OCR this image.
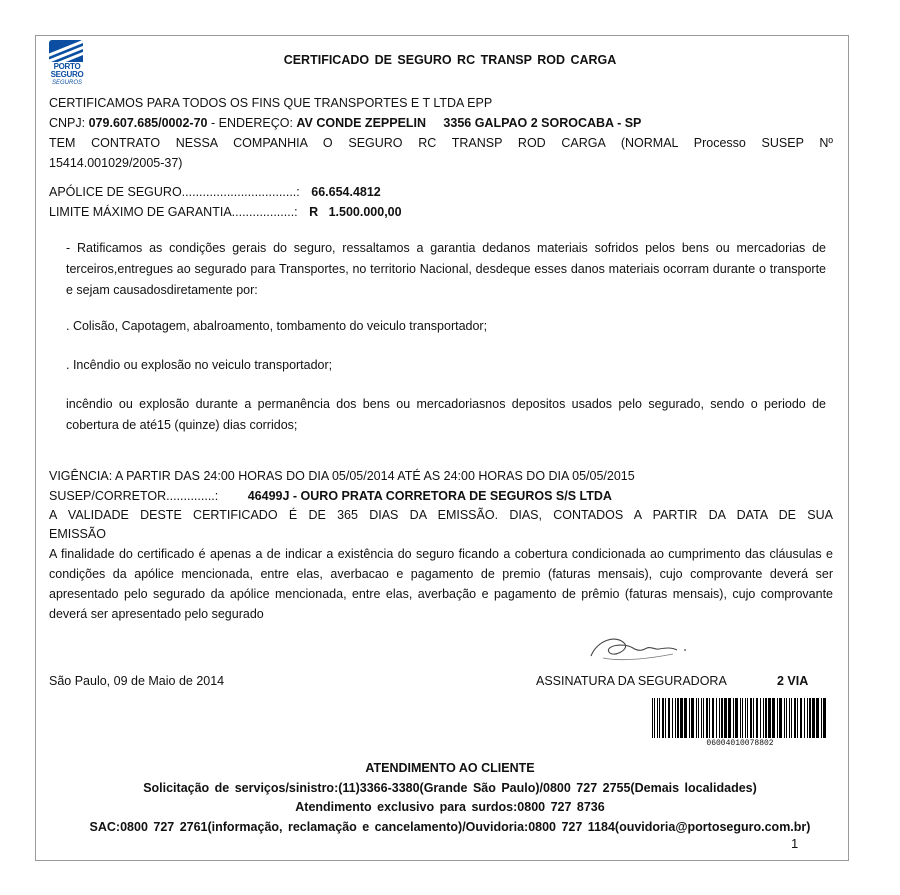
PORTO
SEGURO
SEGUROS
CERTIFICADO DE SEGURO RC TRANSP ROD CARGA
CERTIFICAMOS PARA TODOS OS FINS QUE TRANSPORTES E T LTDA EPP
CNPJ: 079.607.685/0002-70 - ENDEREÇO: AV CONDE ZEPPELIN     3356 GALPAO 2 SOROCABA - SP
TEM CONTRATO NESSA COMPANHIA O SEGURO RC TRANSP ROD CARGA (NORMAL Processo SUSEP Nº
15414.001029/2005-37)
APÓLICE DE SEGURO.................................: 66.654.4812
LIMITE MÁXIMO DE GARANTIA..................: R   1.500.000,00
- Ratificamos as condições gerais do seguro, ressaltamos a garantia dedanos materiais sofridos pelos bens ou mercadorias de terceiros,entregues ao segurado para Transportes, no territorio Nacional, desdeque esses danos materiais ocorram durante o transporte e sejam causadosdiretamente por:
. Colisão, Capotagem, abalroamento, tombamento do veiculo transportador;
. Incêndio ou explosão no veiculo transportador;
incêndio ou explosão durante a permanência dos bens ou mercadoriasnos depositos usados pelo segurado, sendo o periodo de cobertura de até15 (quinze) dias corridos;
VIGÊNCIA: A PARTIR DAS 24:00 HORAS DO DIA 05/05/2014 ATÉ AS 24:00 HORAS DO DIA 05/05/2015
SUSEP/CORRETOR..............: 46499J - OURO PRATA CORRETORA DE SEGUROS S/S LTDA
A VALIDADE DESTE CERTIFICADO É DE 365 DIAS DA EMISSÃO. DIAS, CONTADOS A PARTIR DA DATA DE SUA
EMISSÃO
A finalidade do certificado é apenas a de indicar a existência do seguro ficando a cobertura condicionada ao cumprimento das cláusulas e condições da apólice mencionada, entre elas, averbacao e pagamento de premio (faturas mensais), cujo comprovante deverá ser apresentado pelo segurado da apólice mencionada, entre elas, averbação e pagamento de prêmio (faturas mensais), cujo comprovante deverá ser apresentado pelo segurado
São Paulo, 09 de Maio de 2014	ASSINATURA DA SEGURADORA	2 VIA
06004010078802
ATENDIMENTO AO CLIENTE
Solicitação de serviços/sinistro:(11)3366-3380(Grande São Paulo)/0800 727 2755(Demais localidades)
Atendimento exclusivo para surdos:0800 727 8736
SAC:0800 727 2761(informação, reclamação e cancelamento)/Ouvidoria:0800 727 1184(ouvidoria@portoseguro.com.br)
1
